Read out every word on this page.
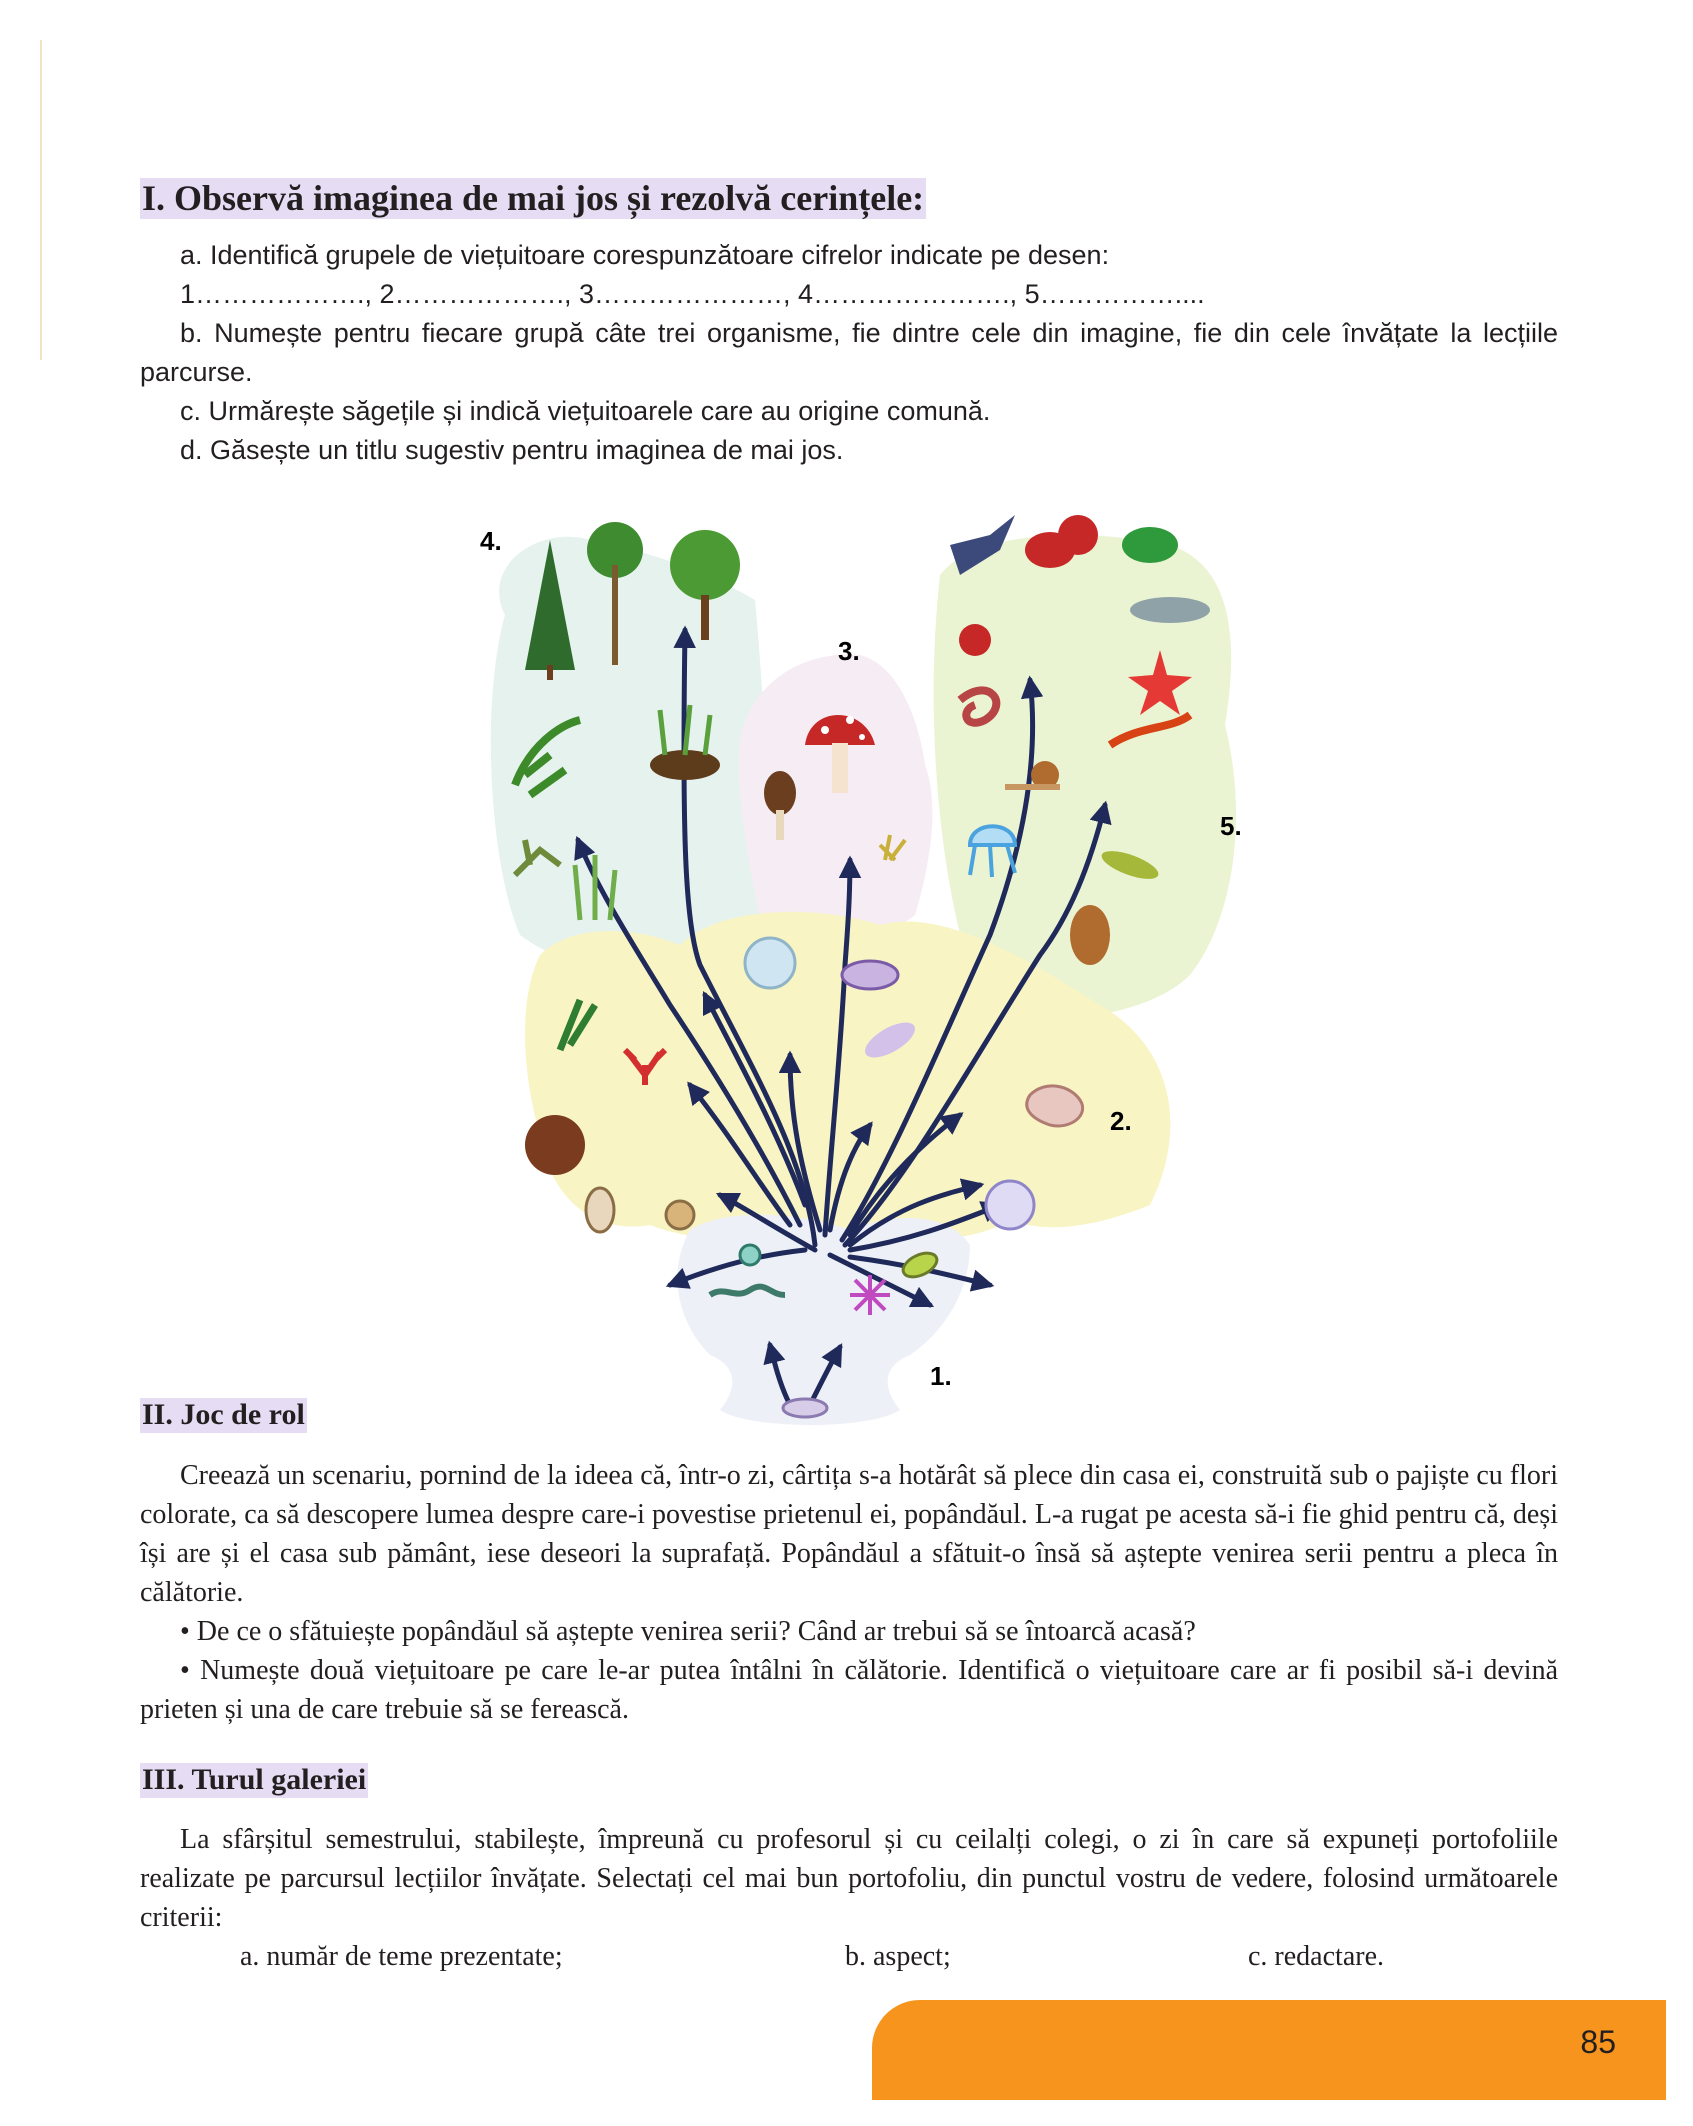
I. Observă imaginea de mai jos și rezolvă cerințele:

a. Identifică grupele de viețuitoare corespunzătoare cifrelor indicate pe desen:

1………………., 2………………., 3…………………, 4…………………., 5……………....

b. Numește pentru fiecare grupă câte trei organisme, fie dintre cele din imagine, fie din cele învățate la lecțiile parcurse.

c. Urmărește săgețile și indică viețuitoarele care au origine comună.

d. Găsește un titlu sugestiv pentru imaginea de mai jos.

4.
3.
5.
2.
1.
II. Joc de rol

Creează un scenariu, pornind de la ideea că, într-o zi, cârtița s-a hotărât să plece din casa ei, construită sub o pajiște cu flori colorate, ca să descopere lumea despre care-i povestise prietenul ei, popândăul. L-a rugat pe acesta să-i fie ghid pentru că, deși își are și el casa sub pământ, iese deseori la suprafață. Popândăul a sfătuit-o însă să aștepte venirea serii pentru a pleca în călătorie.

• De ce o sfătuiește popândăul să aștepte venirea serii? Când ar trebui să se întoarcă acasă?

• Numește două viețuitoare pe care le-ar putea întâlni în călătorie. Identifică o viețuitoare care ar fi posibil să-i devină prieten și una de care trebuie să se ferească.

III. Turul galeriei

La sfârșitul semestrului, stabilește, împreună cu profesorul și cu ceilalți colegi, o zi în care să expuneți portofoliile realizate pe parcursul lecțiilor învățate. Selectați cel mai bun portofoliu, din punctul vostru de vedere, folosind următoarele criterii:

a. număr de teme prezentate;	b. aspect;	c. redactare.

85
